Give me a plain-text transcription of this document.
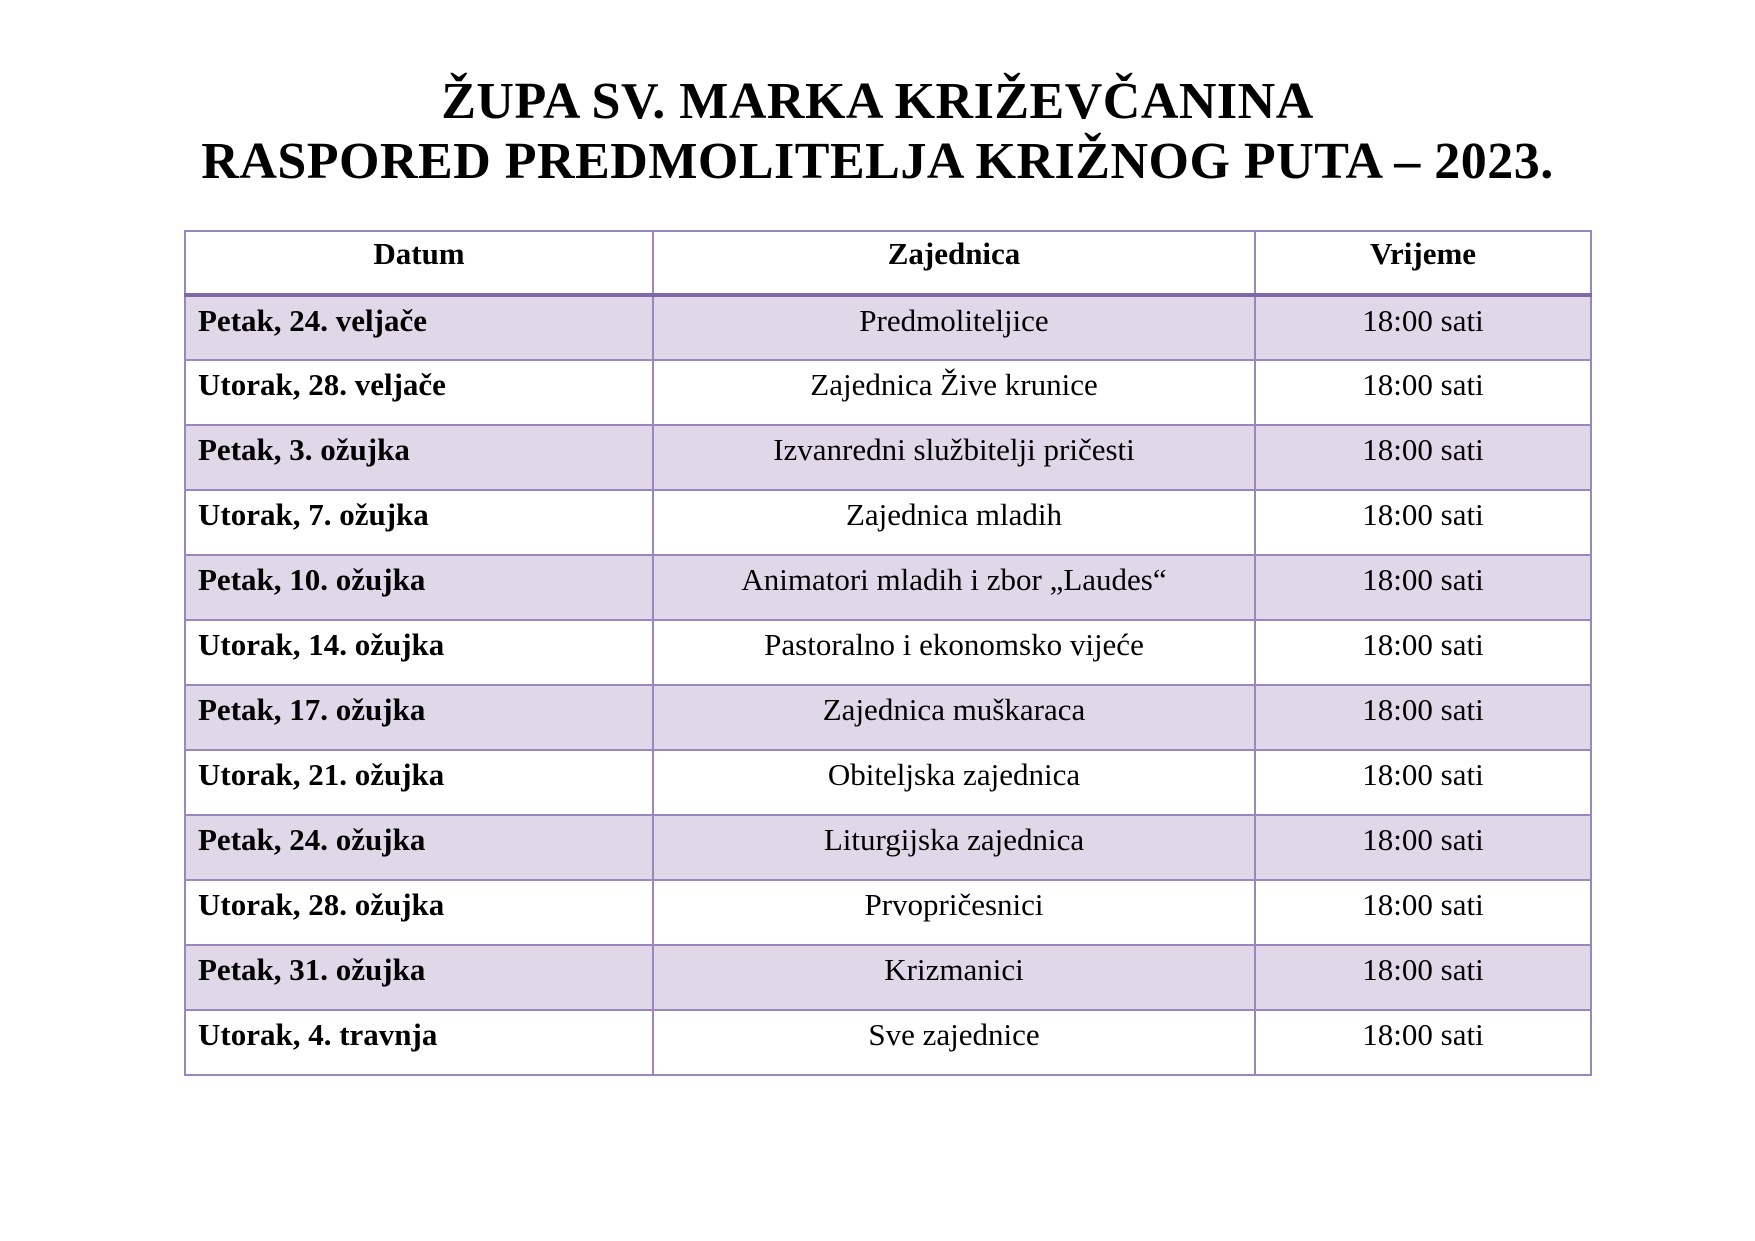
ŽUPA SV. MARKA KRIŽEVČANINA
RASPORED PREDMOLITELJA KRIŽNOG PUTA – 2023.
Datum	Zajednica	Vrijeme
Petak, 24. veljače	Predmoliteljice	18:00 sati
Utorak, 28. veljače	Zajednica Žive krunice	18:00 sati
Petak, 3. ožujka	Izvanredni službitelji pričesti	18:00 sati
Utorak, 7. ožujka	Zajednica mladih	18:00 sati
Petak, 10. ožujka	Animatori mladih i zbor „Laudes“	18:00 sati
Utorak, 14. ožujka	Pastoralno i ekonomsko vijeće	18:00 sati
Petak, 17. ožujka	Zajednica muškaraca	18:00 sati
Utorak, 21. ožujka	Obiteljska zajednica	18:00 sati
Petak, 24. ožujka	Liturgijska zajednica	18:00 sati
Utorak, 28. ožujka	Prvopričesnici	18:00 sati
Petak, 31. ožujka	Krizmanici	18:00 sati
Utorak, 4. travnja	Sve zajednice	18:00 sati
